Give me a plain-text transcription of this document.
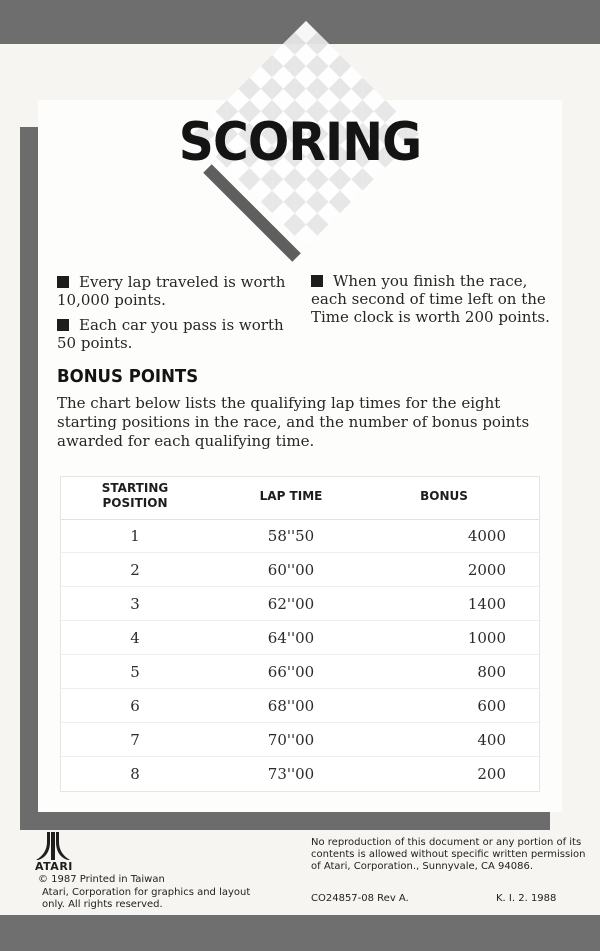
SCORING
Every lap traveled is worth 10,000 points.
Each car you pass is worth 50 points.
When you finish the race, each second of time left on the Time clock is worth 200 points.
BONUS POINTS
The chart below lists the qualifying lap times for the eight starting positions in the race, and the number of bonus points awarded for each qualifying time.
STARTING POSITION	LAP TIME	BONUS
1	58''50	4000
2	60''00	2000
3	62''00	1400
4	64''00	1000
5	66''00	800
6	68''00	600
7	70''00	400
8	73''00	200
ATARI
© 1987 Printed in Taiwan
Atari, Corporation for graphics and layout only. All rights reserved.
No reproduction of this document or any portion of its contents is allowed without specific written permission of Atari, Corporation., Sunnyvale, CA 94086.
CO24857-08 Rev A.	K. I. 2. 1988
